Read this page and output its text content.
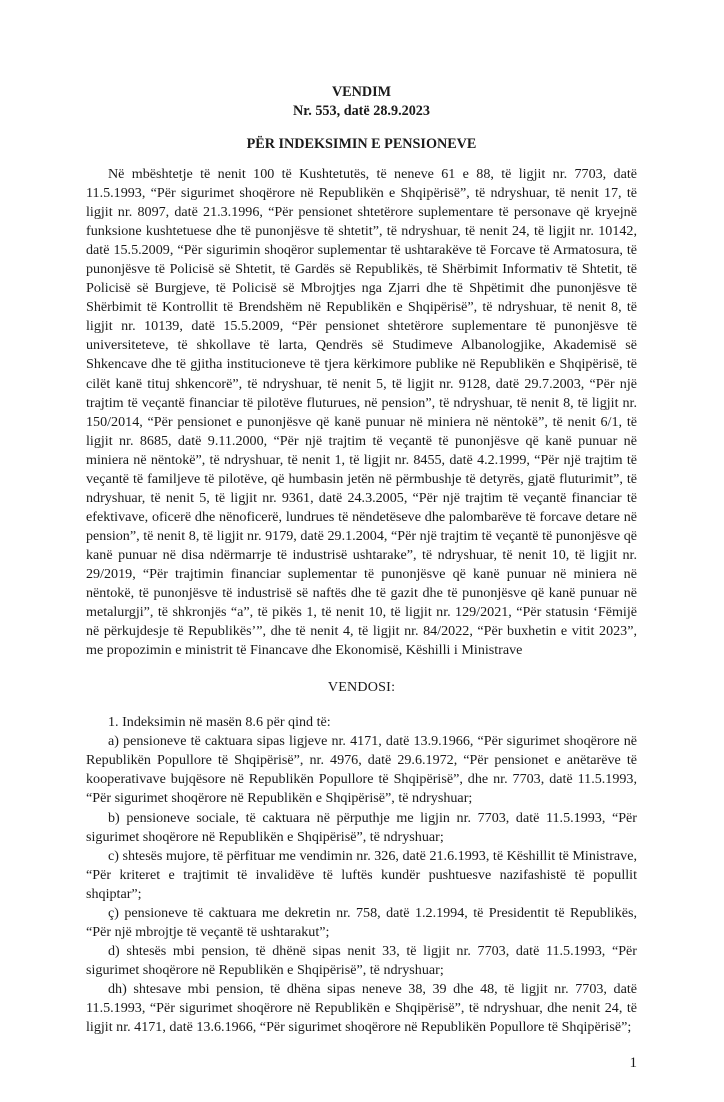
VENDIM

Nr. 553, datë 28.9.2023

PËR INDEKSIMIN E PENSIONEVE

Në mbështetje të nenit 100 të Kushtetutës, të neneve 61 e 88, të ligjit nr. 7703, datë 11.5.1993, “Për sigurimet shoqërore në Republikën e Shqipërisë”, të ndryshuar, të nenit 17, të ligjit nr. 8097, datë 21.3.1996, “Për pensionet shtetërore suplementare të personave që kryejnë funksione kushtetuese dhe të punonjësve të shtetit”, të ndryshuar, të nenit 24, të ligjit nr. 10142, datë 15.5.2009, “Për sigurimin shoqëror suplementar të ushtarakëve të Forcave të Armatosura, të punonjësve të Policisë së Shtetit, të Gardës së Republikës, të Shërbimit Informativ të Shtetit, të Policisë së Burgjeve, të Policisë së Mbrojtjes nga Zjarri dhe të Shpëtimit dhe punonjësve të Shërbimit të Kontrollit të Brendshëm në Republikën e Shqipërisë”, të ndryshuar, të nenit 8, të ligjit nr. 10139, datë 15.5.2009, “Për pensionet shtetërore suplementare të punonjësve të universiteteve, të shkollave të larta, Qendrës së Studimeve Albanologjike, Akademisë së Shkencave dhe të gjitha institucioneve të tjera kërkimore publike në Republikën e Shqipërisë, të cilët kanë tituj shkencorë”, të ndryshuar, të nenit 5, të ligjit nr. 9128, datë 29.7.2003, “Për një trajtim të veçantë financiar të pilotëve fluturues, në pension”, të ndryshuar, të nenit 8, të ligjit nr. 150/2014, “Për pensionet e punonjësve që kanë punuar në miniera në nëntokë”, të nenit 6/1, të ligjit nr. 8685, datë 9.11.2000, “Për një trajtim të veçantë të punonjësve që kanë punuar në miniera në nëntokë”, të ndryshuar, të nenit 1, të ligjit nr. 8455, datë 4.2.1999, “Për një trajtim të veçantë të familjeve të pilotëve, që humbasin jetën në përmbushje të detyrës, gjatë fluturimit”, të ndryshuar, të nenit 5, të ligjit nr. 9361, datë 24.3.2005, “Për një trajtim të veçantë financiar të efektivave, oficerë dhe nënoficerë, lundrues të nëndetëseve dhe palombarëve të forcave detare në pension”, të nenit 8, të ligjit nr. 9179, datë 29.1.2004, “Për një trajtim të veçantë të punonjësve që kanë punuar në disa ndërmarrje të industrisë ushtarake”, të ndryshuar, të nenit 10, të ligjit nr. 29/2019, “Për trajtimin financiar suplementar të punonjësve që kanë punuar në miniera në nëntokë, të punonjësve të industrisë së naftës dhe të gazit dhe të punonjësve që kanë punuar në metalurgji”, të shkronjës “a”, të pikës 1, të nenit 10, të ligjit nr. 129/2021, “Për statusin ‘Fëmijë në përkujdesje të Republikës’”, dhe të nenit 4, të ligjit nr. 84/2022, “Për buxhetin e vitit 2023”, me propozimin e ministrit të Financave dhe Ekonomisë, Këshilli i Ministrave

VENDOSI:

1. Indeksimin në masën 8.6 për qind të:

a) pensioneve të caktuara sipas ligjeve nr. 4171, datë 13.9.1966, “Për sigurimet shoqërore në Republikën Popullore të Shqipërisë”, nr. 4976, datë 29.6.1972, “Për pensionet e anëtarëve të kooperativave bujqësore në Republikën Popullore të Shqipërisë”, dhe nr. 7703, datë 11.5.1993, “Për sigurimet shoqërore në Republikën e Shqipërisë”, të ndryshuar;

b) pensioneve sociale, të caktuara në përputhje me ligjin nr. 7703, datë 11.5.1993, “Për sigurimet shoqërore në Republikën e Shqipërisë”, të ndryshuar;

c) shtesës mujore, të përfituar me vendimin nr. 326, datë 21.6.1993, të Këshillit të Ministrave, “Për kriteret e trajtimit të invalidëve të luftës kundër pushtuesve nazifashistë të popullit shqiptar”;

ç) pensioneve të caktuara me dekretin nr. 758, datë 1.2.1994, të Presidentit të Republikës, “Për një mbrojtje të veçantë të ushtarakut”;

d) shtesës mbi pension, të dhënë sipas nenit 33, të ligjit nr. 7703, datë 11.5.1993, “Për sigurimet shoqërore në Republikën e Shqipërisë”, të ndryshuar;

dh) shtesave mbi pension, të dhëna sipas neneve 38, 39 dhe 48, të ligjit nr. 7703, datë 11.5.1993, “Për sigurimet shoqërore në Republikën e Shqipërisë”, të ndryshuar, dhe nenit 24, të ligjit nr. 4171, datë 13.6.1966, “Për sigurimet shoqërore në Republikën Popullore të Shqipërisë”;

1
